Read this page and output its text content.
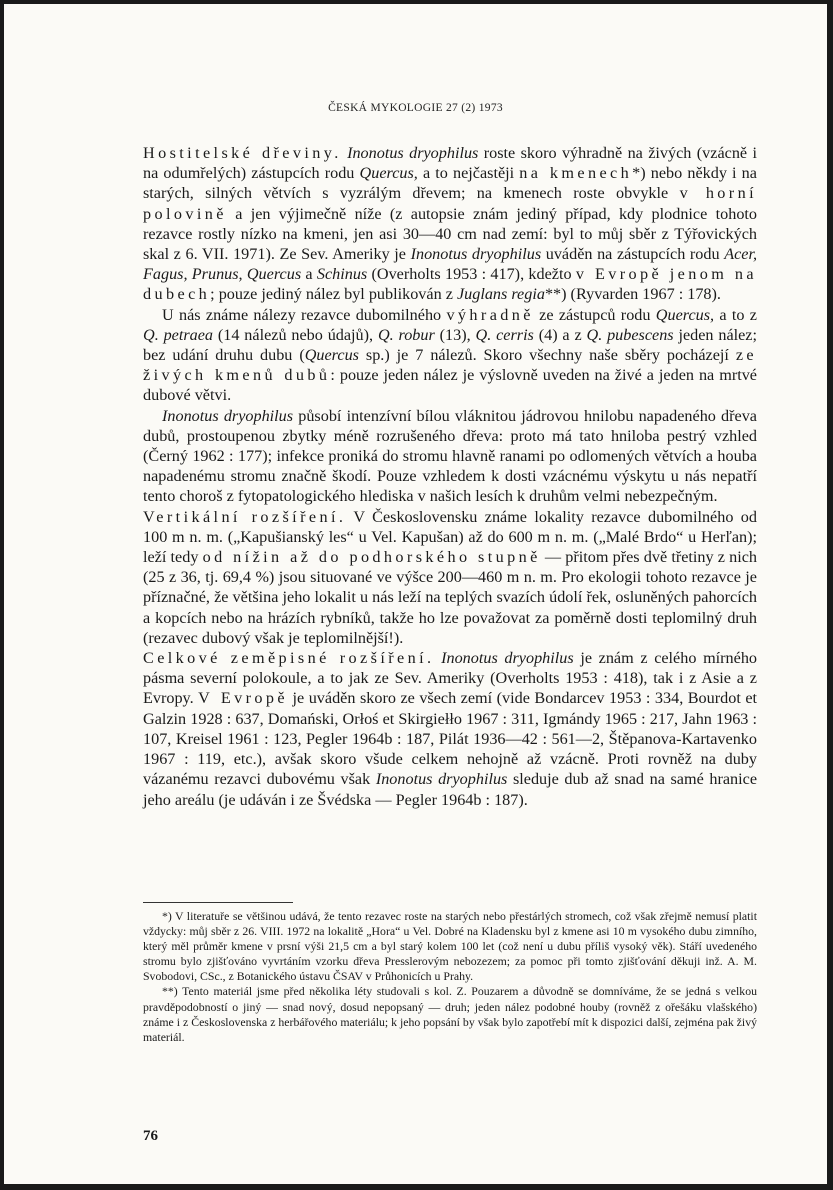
ČESKÁ MYKOLOGIE 27 (2) 1973

Hostitelské dřeviny. Inonotus dryophilus roste skoro výhradně na živých (vzácně i na odumřelých) zástupcích rodu Quercus, a to nejčastěji na kmenech*) nebo někdy i na starých, silných větvích s vyzrálým dřevem; na kmenech roste obvykle v horní polovině a jen výjimečně níže (z autopsie znám jediný případ, kdy plodnice tohoto rezavce rostly nízko na kmeni, jen asi 30—40 cm nad zemí: byl to můj sběr z Týřovických skal z 6. VII. 1971). Ze Sev. Ameriky je Inonotus dryophilus uváděn na zástupcích rodu Acer, Fagus, Prunus, Quercus a Schinus (Overholts 1953 : 417), kdežto v Evropě jenom na dubech; pouze jediný nález byl publikován z Juglans regia**) (Ryvarden 1967 : 178).

U nás známe nálezy rezavce dubomilného výhradně ze zástupců rodu Quercus, a to z Q. petraea (14 nálezů nebo údajů), Q. robur (13), Q. cerris (4) a z Q. pubescens jeden nález; bez udání druhu dubu (Quercus sp.) je 7 nálezů. Skoro všechny naše sběry pocházejí ze živých kmenů dubů: pouze jeden nález je výslovně uveden na živé a jeden na mrtvé dubové větvi.

Inonotus dryophilus působí intenzívní bílou vláknitou jádrovou hnilobu napadeného dřeva dubů, prostoupenou zbytky méně rozrušeného dřeva: proto má tato hniloba pestrý vzhled (Černý 1962 : 177); infekce proniká do stromu hlavně ranami po odlomených větvích a houba napadenému stromu značně škodí. Pouze vzhledem k dosti vzácnému výskytu u nás nepatří tento choroš z fytopatologického hlediska v našich lesích k druhům velmi nebezpečným.

Vertikální rozšíření. V Československu známe lokality rezavce dubomilného od 100 m n. m. („Kapušianský les“ u Vel. Kapušan) až do 600 m n. m. („Malé Brdo“ u Herľan); leží tedy od nížin až do podhorského stupně — přitom přes dvě třetiny z nich (25 z 36, tj. 69,4 %) jsou situované ve výšce 200—460 m n. m. Pro ekologii tohoto rezavce je příznačné, že většina jeho lokalit u nás leží na teplých svazích údolí řek, osluněných pahorcích a kopcích nebo na hrázích rybníků, takže ho lze považovat za poměrně dosti teplomilný druh (rezavec dubový však je teplomilnější!).

Celkové zeměpisné rozšíření. Inonotus dryophilus je znám z celého mírného pásma severní polokoule, a to jak ze Sev. Ameriky (Overholts 1953 : 418), tak i z Asie a z Evropy. V Evropě je uváděn skoro ze všech zemí (vide Bondarcev 1953 : 334, Bourdot et Galzin 1928 : 637, Domański, Orłoś et Skirgiełło 1967 : 311, Igmándy 1965 : 217, Jahn 1963 : 107, Kreisel 1961 : 123, Pegler 1964b : 187, Pilát 1936—42 : 561—2, Štěpanova-Kartavenko 1967 : 119, etc.), avšak skoro všude celkem nehojně až vzácně. Proti rovněž na duby vázanému rezavci dubovému však Inonotus dryophilus sleduje dub až snad na samé hranice jeho areálu (je udáván i ze Švédska — Pegler 1964b : 187).

*) V literatuře se většinou udává, že tento rezavec roste na starých nebo přestárlých stromech, což však zřejmě nemusí platit vždycky: můj sběr z 26. VIII. 1972 na lokalitě „Hora“ u Vel. Dobré na Kladensku byl z kmene asi 10 m vysokého dubu zimního, který měl průměr kmene v prsní výši 21,5 cm a byl starý kolem 100 let (což není u dubu příliš vysoký věk). Stáří uvedeného stromu bylo zjišťováno vyvrtáním vzorku dřeva Presslerovým nebozezem; za pomoc při tomto zjišťování děkuji inž. A. M. Svobodovi, CSc., z Botanického ústavu ČSAV v Průhonicích u Prahy.

**) Tento materiál jsme před několika léty studovali s kol. Z. Pouzarem a důvodně se domníváme, že se jedná s velkou pravděpodobností o jiný — snad nový, dosud nepopsaný — druh; jeden nález podobné houby (rovněž z ořešáku vlašského) známe i z Československa z herbářového materiálu; k jeho popsání by však bylo zapotřebí mít k dispozici další, zejména pak živý materiál.

76
